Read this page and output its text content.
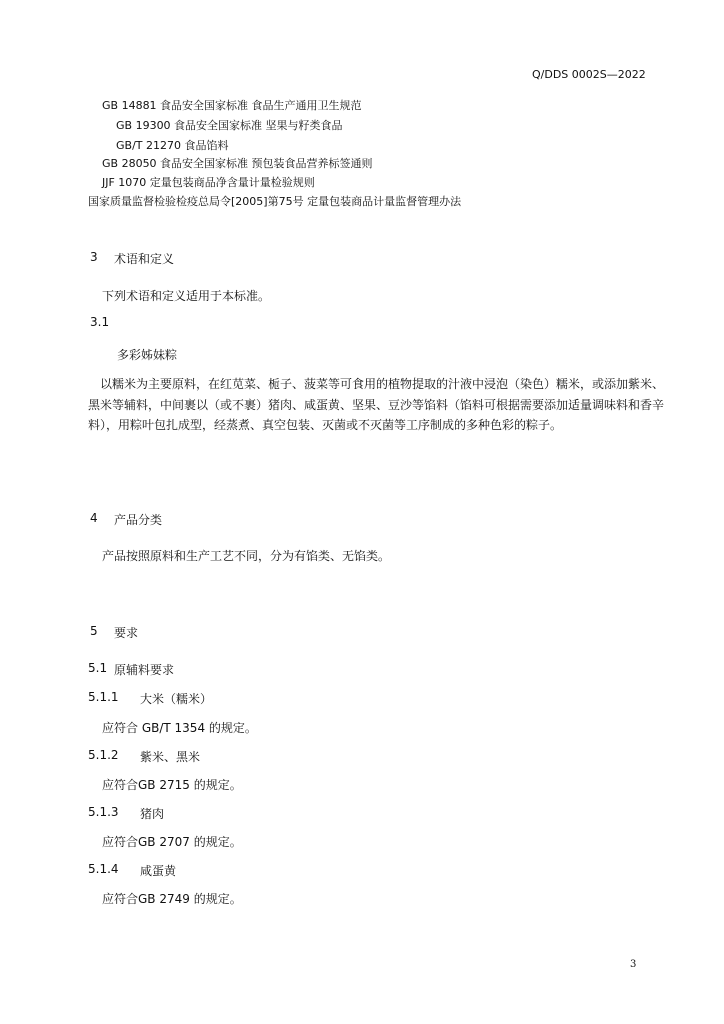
Q/DDS 0002S—2022
GB 14881 食品安全国家标准 食品生产通用卫生规范
GB 19300 食品安全国家标准 坚果与籽类食品
GB/T 21270 食品馅料
GB 28050 食品安全国家标准 预包装食品营养标签通则
JJF 1070 定量包装商品净含量计量检验规则
国家质量监督检验检疫总局令[2005]第75号 定量包装商品计量监督管理办法
3 术语和定义
下列术语和定义适用于本标准。
3.1
多彩姊妹粽
以糯米为主要原料，在红苋菜、栀子、菠菜等可食用的植物提取的汁液中浸泡（染色）糯米，或添加紫米、黑米等辅料，中间裹以（或不裹）猪肉、咸蛋黄、坚果、豆沙等馅料（馅料可根据需要添加适量调味料和香辛料），用粽叶包扎成型，经蒸煮、真空包装、灭菌或不灭菌等工序制成的多种色彩的粽子。
4 产品分类
产品按照原料和生产工艺不同，分为有馅类、无馅类。
5 要求
5.1 原辅料要求
5.1.1 大米（糯米）
应符合 GB/T 1354 的规定。
5.1.2 紫米、黑米
应符合GB 2715 的规定。
5.1.3 猪肉
应符合GB 2707 的规定。
5.1.4 咸蛋黄
应符合GB 2749 的规定。
3
